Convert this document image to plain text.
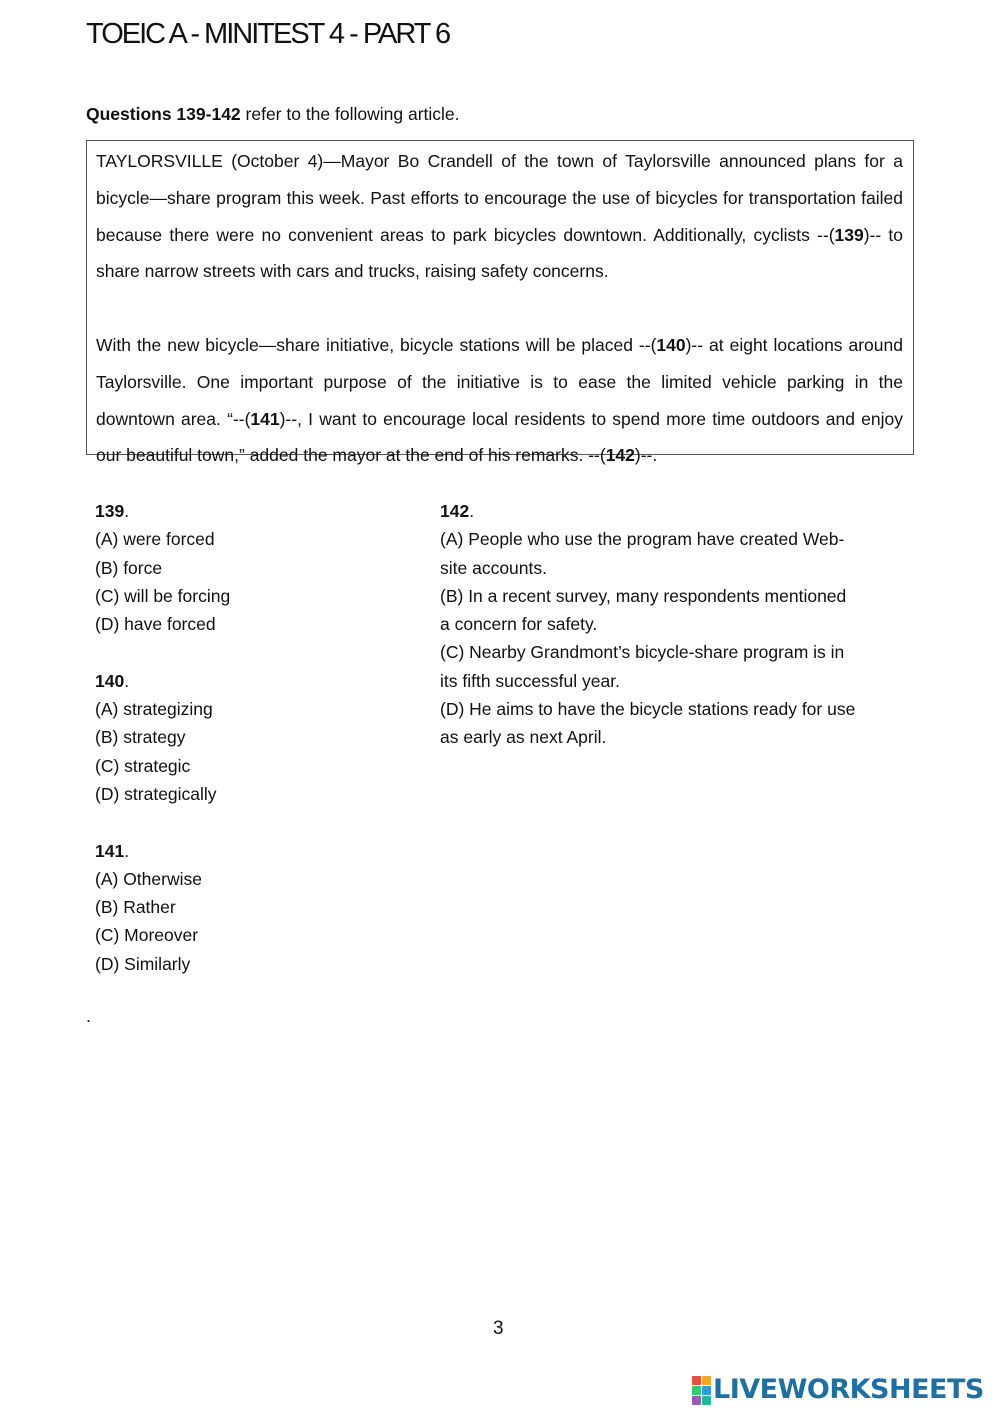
TOEIC A - MINITEST 4 - PART 6
Questions 139-142 refer to the following article.

TAYLORSVILLE (October 4)—Mayor Bo Crandell of the town of Taylorsville announced plans for a bicycle—share program this week. Past efforts to encourage the use of bicycles for transportation failed because there were no convenient areas to park bicycles downtown. Additionally, cyclists --(139)-- to share narrow streets with cars and trucks, raising safety concerns.

With the new bicycle—share initiative, bicycle stations will be placed --(140)-- at eight locations around Taylorsville. One important purpose of the initiative is to ease the limited vehicle parking in the downtown area. “--(141)--, I want to encourage local residents to spend more time outdoors and enjoy our beautiful town,” added the mayor at the end of his remarks. --(142)--.

139.
(A) were forced
(B) force
(C) will be forcing
(D) have forced
140.
(A) strategizing
(B) strategy
(C) strategic
(D) strategically
141.
(A) Otherwise
(B) Rather
(C) Moreover
(D) Similarly
142.
(A) People who use the program have created Web-site accounts.
(B) In a recent survey, many respondents mentioned a concern for safety.
(C) Nearby Grandmont’s bicycle-share program is in its fifth successful year.
(D) He aims to have the bicycle stations ready for use as early as next April.
.
3
LIVEWORKSHEETS
